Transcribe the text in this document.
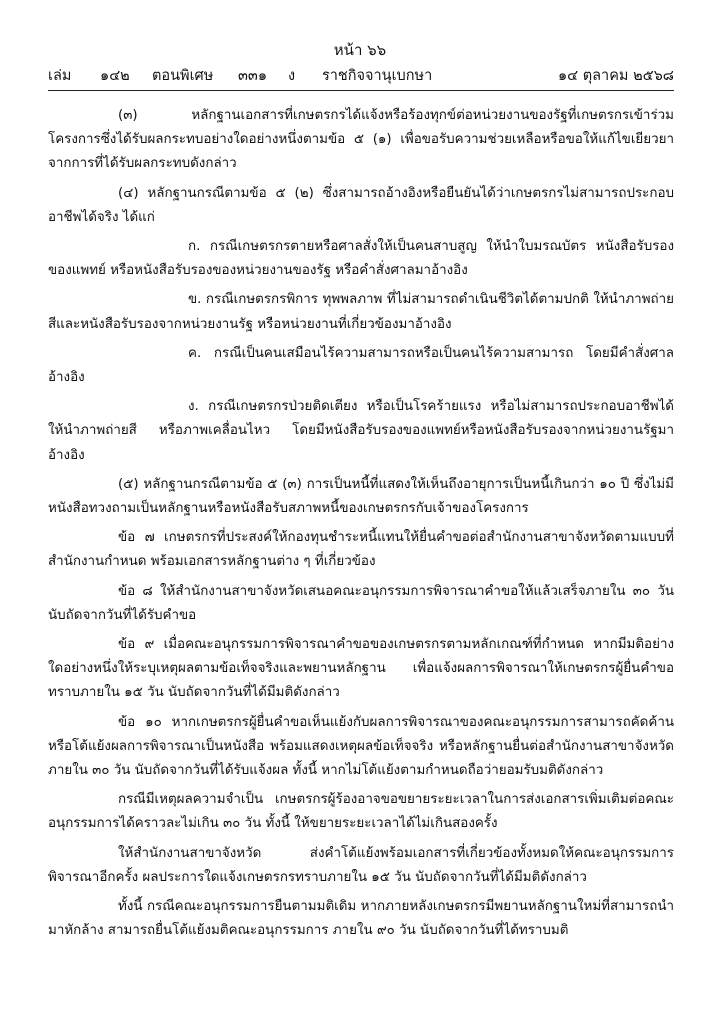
หน้า ๖๖
เล่ม ๑๔๒ ตอนพิเศษ ๓๓๑ ง ราชกิจจานุเบกษา	๑๔ ตุลาคม ๒๕๖๘

(๓) หลักฐานเอกสารที่เกษตรกรได้แจ้งหรือร้องทุกข์ต่อหน่วยงานของรัฐที่เกษตรกรเข้าร่วมโครงการซึ่งได้รับผลกระทบอย่างใดอย่างหนึ่งตามข้อ ๕ (๑) เพื่อขอรับความช่วยเหลือหรือขอให้แก้ไขเยียวยาจากการที่ได้รับผลกระทบดังกล่าว

(๔) หลักฐานกรณีตามข้อ ๕ (๒) ซึ่งสามารถอ้างอิงหรือยืนยันได้ว่าเกษตรกรไม่สามารถประกอบอาชีพได้จริง ได้แก่

ก. กรณีเกษตรกรตายหรือศาลสั่งให้เป็นคนสาบสูญ ให้นำใบมรณบัตร หนังสือรับรองของแพทย์ หรือหนังสือรับรองของหน่วยงานของรัฐ หรือคำสั่งศาลมาอ้างอิง

ข. กรณีเกษตรกรพิการ ทุพพลภาพ ที่ไม่สามารถดำเนินชีวิตได้ตามปกติ ให้นำภาพถ่ายสีและหนังสือรับรองจากหน่วยงานรัฐ หรือหน่วยงานที่เกี่ยวข้องมาอ้างอิง

ค. กรณีเป็นคนเสมือนไร้ความสามารถหรือเป็นคนไร้ความสามารถ โดยมีคำสั่งศาลอ้างอิง

ง. กรณีเกษตรกรป่วยติดเตียง หรือเป็นโรคร้ายแรง หรือไม่สามารถประกอบอาชีพได้ให้นำภาพถ่ายสี หรือภาพเคลื่อนไหว โดยมีหนังสือรับรองของแพทย์หรือหนังสือรับรองจากหน่วยงานรัฐมาอ้างอิง

(๕) หลักฐานกรณีตามข้อ ๕ (๓) การเป็นหนี้ที่แสดงให้เห็นถึงอายุการเป็นหนี้เกินกว่า ๑๐ ปี ซึ่งไม่มีหนังสือทวงถามเป็นหลักฐานหรือหนังสือรับสภาพหนี้ของเกษตรกรกับเจ้าของโครงการ

ข้อ ๗ เกษตรกรที่ประสงค์ให้กองทุนชำระหนี้แทนให้ยื่นคำขอต่อสำนักงานสาขาจังหวัดตามแบบที่สำนักงานกำหนด พร้อมเอกสารหลักฐานต่าง ๆ ที่เกี่ยวข้อง

ข้อ ๘ ให้สำนักงานสาขาจังหวัดเสนอคณะอนุกรรมการพิจารณาคำขอให้แล้วเสร็จภายใน ๓๐ วัน นับถัดจากวันที่ได้รับคำขอ

ข้อ ๙ เมื่อคณะอนุกรรมการพิจารณาคำขอของเกษตรกรตามหลักเกณฑ์ที่กำหนด หากมีมติอย่างใดอย่างหนึ่งให้ระบุเหตุผลตามข้อเท็จจริงและพยานหลักฐาน เพื่อแจ้งผลการพิจารณาให้เกษตรกรผู้ยื่นคำขอทราบภายใน ๑๕ วัน นับถัดจากวันที่ได้มีมติดังกล่าว

ข้อ ๑๐ หากเกษตรกรผู้ยื่นคำขอเห็นแย้งกับผลการพิจารณาของคณะอนุกรรมการสามารถคัดค้าน หรือโต้แย้งผลการพิจารณาเป็นหนังสือ พร้อมแสดงเหตุผลข้อเท็จจริง หรือหลักฐานยื่นต่อสำนักงานสาขาจังหวัดภายใน ๓๐ วัน นับถัดจากวันที่ได้รับแจ้งผล ทั้งนี้ หากไม่โต้แย้งตามกำหนดถือว่ายอมรับมติดังกล่าว

กรณีมีเหตุผลความจำเป็น เกษตรกรผู้ร้องอาจขอขยายระยะเวลาในการส่งเอกสารเพิ่มเติมต่อคณะอนุกรรมการได้คราวละไม่เกิน ๓๐ วัน ทั้งนี้ ให้ขยายระยะเวลาได้ไม่เกินสองครั้ง

ให้สำนักงานสาขาจังหวัด ส่งคำโต้แย้งพร้อมเอกสารที่เกี่ยวข้องทั้งหมดให้คณะอนุกรรมการพิจารณาอีกครั้ง ผลประการใดแจ้งเกษตรกรทราบภายใน ๑๕ วัน นับถัดจากวันที่ได้มีมติดังกล่าว

ทั้งนี้ กรณีคณะอนุกรรมการยืนตามมติเดิม หากภายหลังเกษตรกรมีพยานหลักฐานใหม่ที่สามารถนำมาหักล้าง สามารถยื่นโต้แย้งมติคณะอนุกรรมการ ภายใน ๙๐ วัน นับถัดจากวันที่ได้ทราบมติ
